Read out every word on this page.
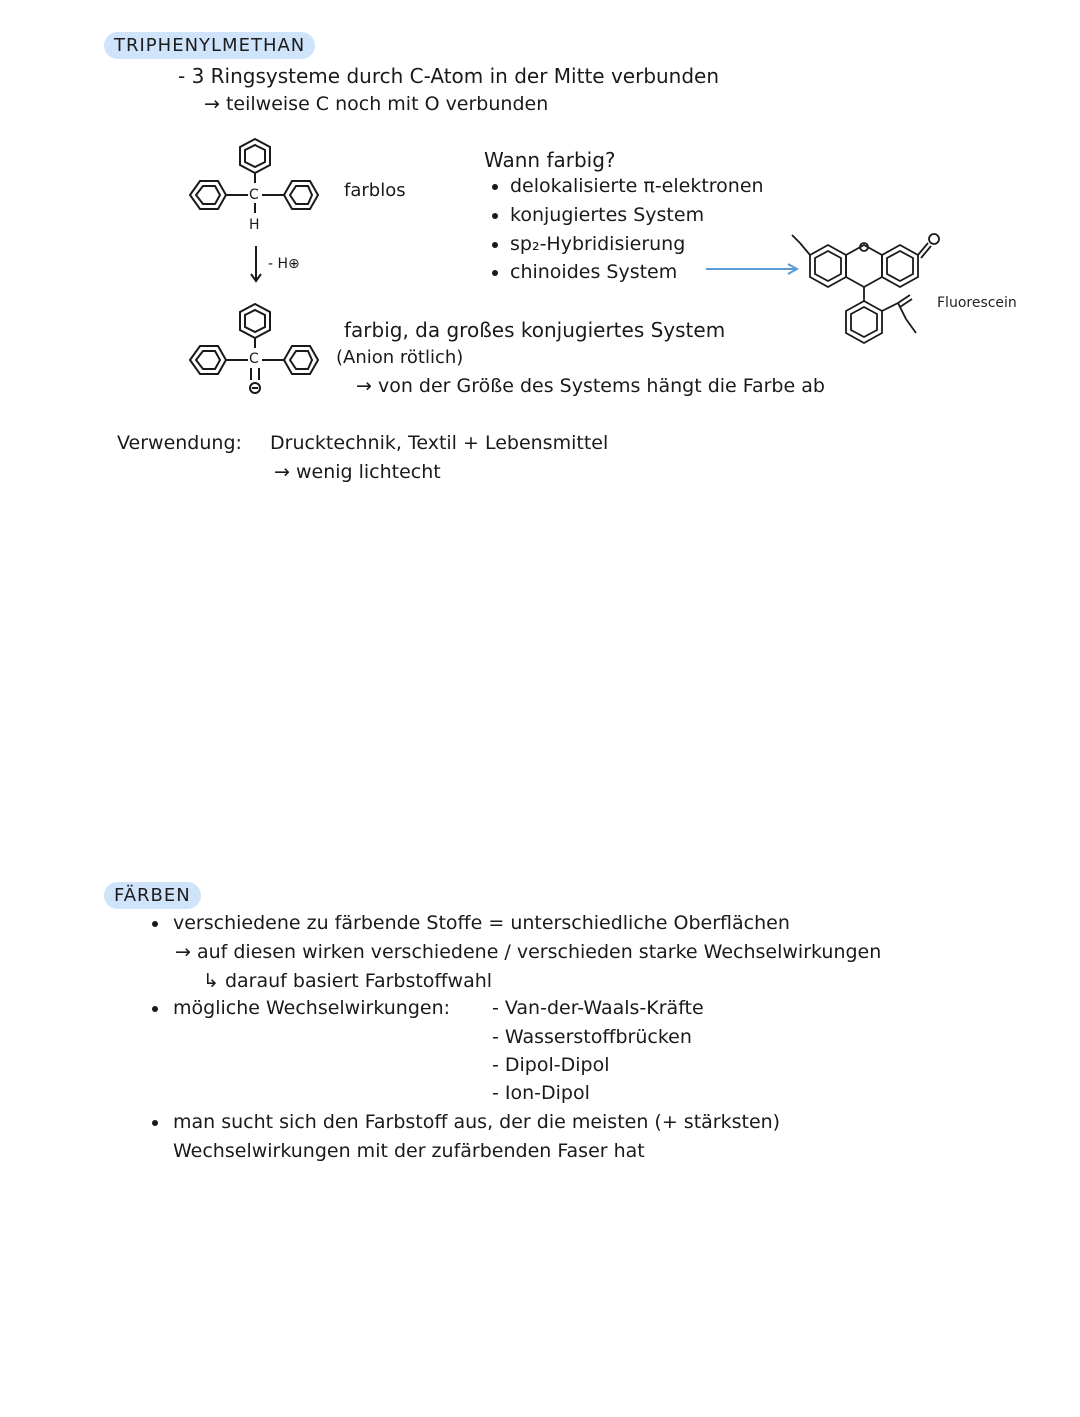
TRIPHENYLMETHAN
- 3 Ringsysteme durch C-Atom in der Mitte verbunden
→ teilweise C noch mit O verbunden
C
H
farblos
- H⊕
C
Wann farbig?
delokalisierte π-elektronen
konjugiertes System
sp₂-Hybridisierung
chinoides System
Fluorescein
farbig, da großes konjugiertes System
(Anion rötlich)
→ von der Größe des Systems hängt die Farbe ab
Verwendung: Drucktechnik, Textil + Lebensmittel
→ wenig lichtecht
FÄRBEN
verschiedene zu färbende Stoffe = unterschiedliche Oberflächen
→ auf diesen wirken verschiedene / verschieden starke Wechselwirkungen
↳ darauf basiert Farbstoffwahl
mögliche Wechselwirkungen: - Van-der-Waals-Kräfte
- Wasserstoffbrücken
- Dipol-Dipol
- Ion-Dipol
man sucht sich den Farbstoff aus, der die meisten (+ stärksten)
Wechselwirkungen mit der zufärbenden Faser hat
